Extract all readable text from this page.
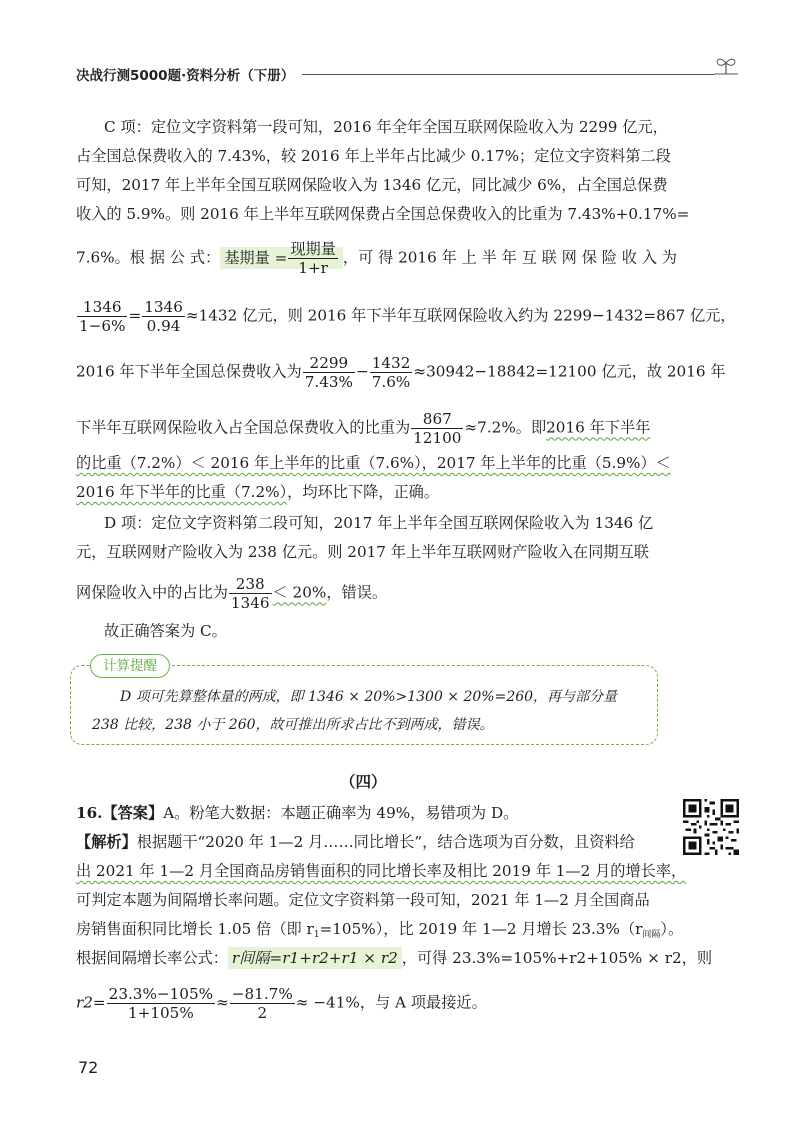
决战行测5000题·资料分析（下册）
C 项：定位文字资料第一段可知，2016 年全年全国互联网保险收入为 2299 亿元，
占全国总保费收入的 7.43%，较 2016 年上半年占比减少 0.17%；定位文字资料第二段
可知，2017 年上半年全国互联网保险收入为 1346 亿元，同比减少 6%，占全国总保费
收入的 5.9%。则 2016 年上半年互联网保费占全国总保费收入的比重为 7.43%+0.17%=
7.6%。根 据 公 式： 基期量 = $\frac{\text{现期量}}{1+r}$ ，可 得 2016 年 上 半 年 互 联 网 保 险 收 入 为
$\frac{1346}{1-6\%} = \frac{1346}{0.94} \approx 1432$ 亿元，则 2016 年下半年互联网保险收入约为 2299−1432=867 亿元，
2016 年下半年全国总保费收入为 $\frac{2299}{7.43\%} - \frac{1432}{7.6\%} \approx 30942-18842=12100$ 亿元，故 2016 年
下半年互联网保险收入占全国总保费收入的比重为 $\frac{867}{12100} \approx 7.2\%$。即2016 年下半年
的比重（7.2%）＜ 2016 年上半年的比重（7.6%），2017 年上半年的比重（5.9%）＜
2016 年下半年的比重（7.2%），均环比下降，正确。
D 项：定位文字资料第二段可知，2017 年上半年全国互联网保险收入为 1346 亿
元，互联网财产险收入为 238 亿元。则 2017 年上半年互联网财产险收入在同期互联
网保险收入中的占比为 $\frac{238}{1346} < 20\%$，错误。
故正确答案为 C。
计算提醒
D 项可先算整体量的两成，即 1346 × 20%>1300 × 20%=260，再与部分量
238 比较，238 小于 260，故可推出所求占比不到两成，错误。
（四）
16.【答案】A。粉笔大数据：本题正确率为 49%，易错项为 D。
【解析】根据题干“2020 年 1—2 月……同比增长”，结合选项为百分数，且资料给
出 2021 年 1—2 月全国商品房销售面积的同比增长率及相比 2019 年 1—2 月的增长率，
可判定本题为间隔增长率问题。定位文字资料第一段可知，2021 年 1—2 月全国商品
房销售面积同比增长 1.05 倍（即 $r_1=105\%$），比 2019 年 1—2 月增长 $23.3\%(r_{间隔})$。
根据间隔增长率公式： r间隔=r1+r2+r1 × r2 ，可得 23.3%=105%+r2+105% × r2，则
$r2= \frac{23.3\%-105\%}{1+105\%} \approx \frac{-81.7\%}{2} \approx -41\%$，与 A 项最接近。
72
